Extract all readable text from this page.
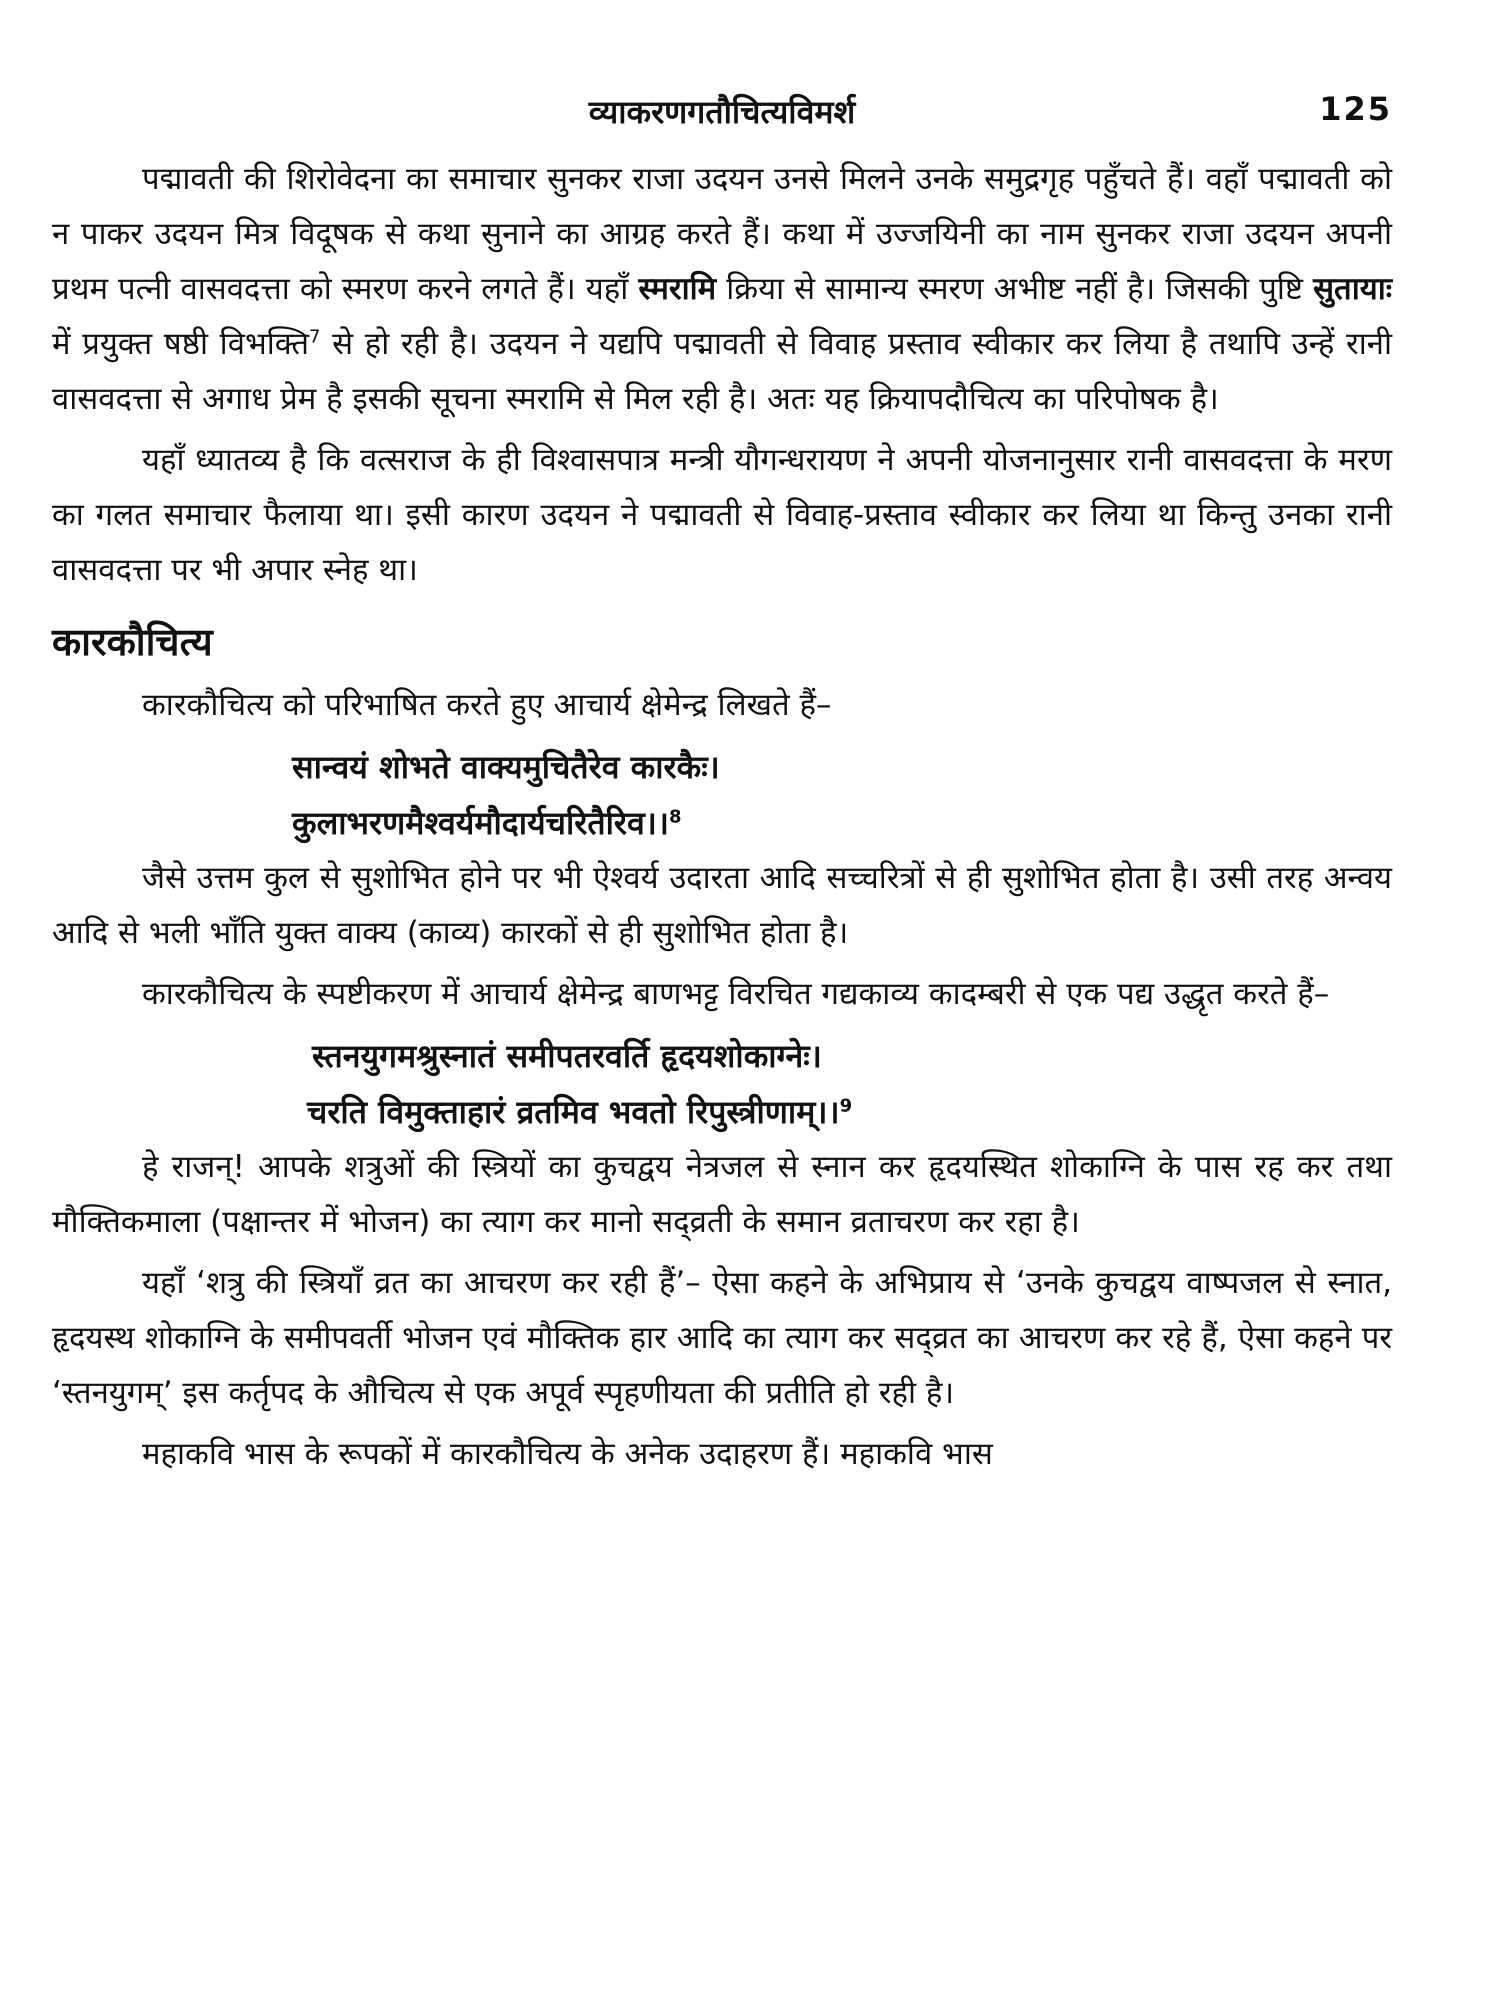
व्याकरणगतौचित्यविमर्श	125

पद्मावती की शिरोवेदना का समाचार सुनकर राजा उदयन उनसे मिलने उनके समुद्रगृह पहुँचते हैं। वहाँ पद्मावती को न पाकर उदयन मित्र विदूषक से कथा सुनाने का आग्रह करते हैं। कथा में उज्जयिनी का नाम सुनकर राजा उदयन अपनी प्रथम पत्नी वासवदत्ता को स्मरण करने लगते हैं। यहाँ स्मरामि क्रिया से सामान्य स्मरण अभीष्ट नहीं है। जिसकी पुष्टि सुतायाः में प्रयुक्त षष्ठी विभक्ति$^7$ से हो रही है। उदयन ने यद्यपि पद्मावती से विवाह प्रस्ताव स्वीकार कर लिया है तथापि उन्हें रानी वासवदत्ता से अगाध प्रेम है इसकी सूचना स्मरामि से मिल रही है। अतः यह क्रियापदौचित्य का परिपोषक है।

यहाँ ध्यातव्य है कि वत्सराज के ही विश्वासपात्र मन्त्री यौगन्धरायण ने अपनी योजनानुसार रानी वासवदत्ता के मरण का गलत समाचार फैलाया था। इसी कारण उदयन ने पद्मावती से विवाह-प्रस्ताव स्वीकार कर लिया था किन्तु उनका रानी वासवदत्ता पर भी अपार स्नेह था।

कारकौचित्य

कारकौचित्य को परिभाषित करते हुए आचार्य क्षेमेन्द्र लिखते हैं–

सान्वयं शोभते वाक्यमुचितैरेव कारकैः।

कुलाभरणमैश्वर्यमौदार्यचरितैरिव।।$^8$

जैसे उत्तम कुल से सुशोभित होने पर भी ऐश्वर्य उदारता आदि सच्चरित्रों से ही सुशोभित होता है। उसी तरह अन्वय आदि से भली भाँति युक्त वाक्य (काव्य) कारकों से ही सुशोभित होता है।

कारकौचित्य के स्पष्टीकरण में आचार्य क्षेमेन्द्र बाणभट्ट विरचित गद्यकाव्य कादम्बरी से एक पद्य उद्धृत करते हैं–

स्तनयुगमश्रुस्नातं समीपतरवर्ति हृदयशोकाग्नेः।

चरति विमुक्ताहारं व्रतमिव भवतो रिपुस्त्रीणाम्।।$^9$

हे राजन्! आपके शत्रुओं की स्त्रियों का कुचद्वय नेत्रजल से स्नान कर हृदयस्थित शोकाग्नि के पास रह कर तथा मौक्तिकमाला (पक्षान्तर में भोजन) का त्याग कर मानो सद्व्रती के समान व्रताचरण कर रहा है।

यहाँ ‘शत्रु की स्त्रियाँ व्रत का आचरण कर रही हैं’– ऐसा कहने के अभिप्राय से ‘उनके कुचद्वय वाष्पजल से स्नात, हृदयस्थ शोकाग्नि के समीपवर्ती भोजन एवं मौक्तिक हार आदि का त्याग कर सद्व्रत का आचरण कर रहे हैं, ऐसा कहने पर ‘स्तनयुगम्’ इस कर्तृपद के औचित्य से एक अपूर्व स्पृहणीयता की प्रतीति हो रही है।

महाकवि भास के रूपकों में कारकौचित्य के अनेक उदाहरण हैं। महाकवि भास
